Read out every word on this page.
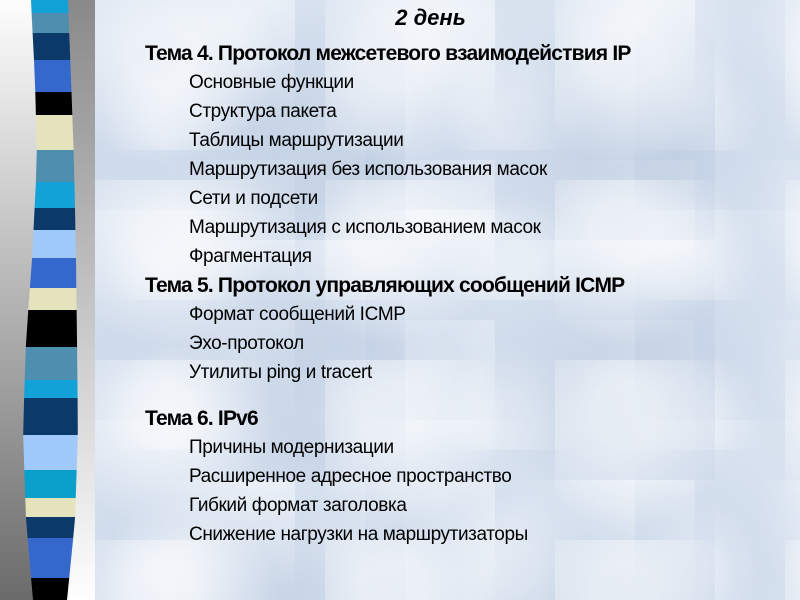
2 день
Тема 4. Протокол межсетевого взаимодействия IP
Основные функции
Структура пакета
Таблицы маршрутизации
Маршрутизация без использования масок
Сети и подсети
Маршрутизация с использованием масок
Фрагментация
Тема 5. Протокол управляющих сообщений ICMP
Формат сообщений ICMP
Эхо-протокол
Утилиты ping и tracert
Тема 6. IPv6
Причины модернизации
Расширенное адресное пространство
Гибкий формат заголовка
Снижение нагрузки на маршрутизаторы
